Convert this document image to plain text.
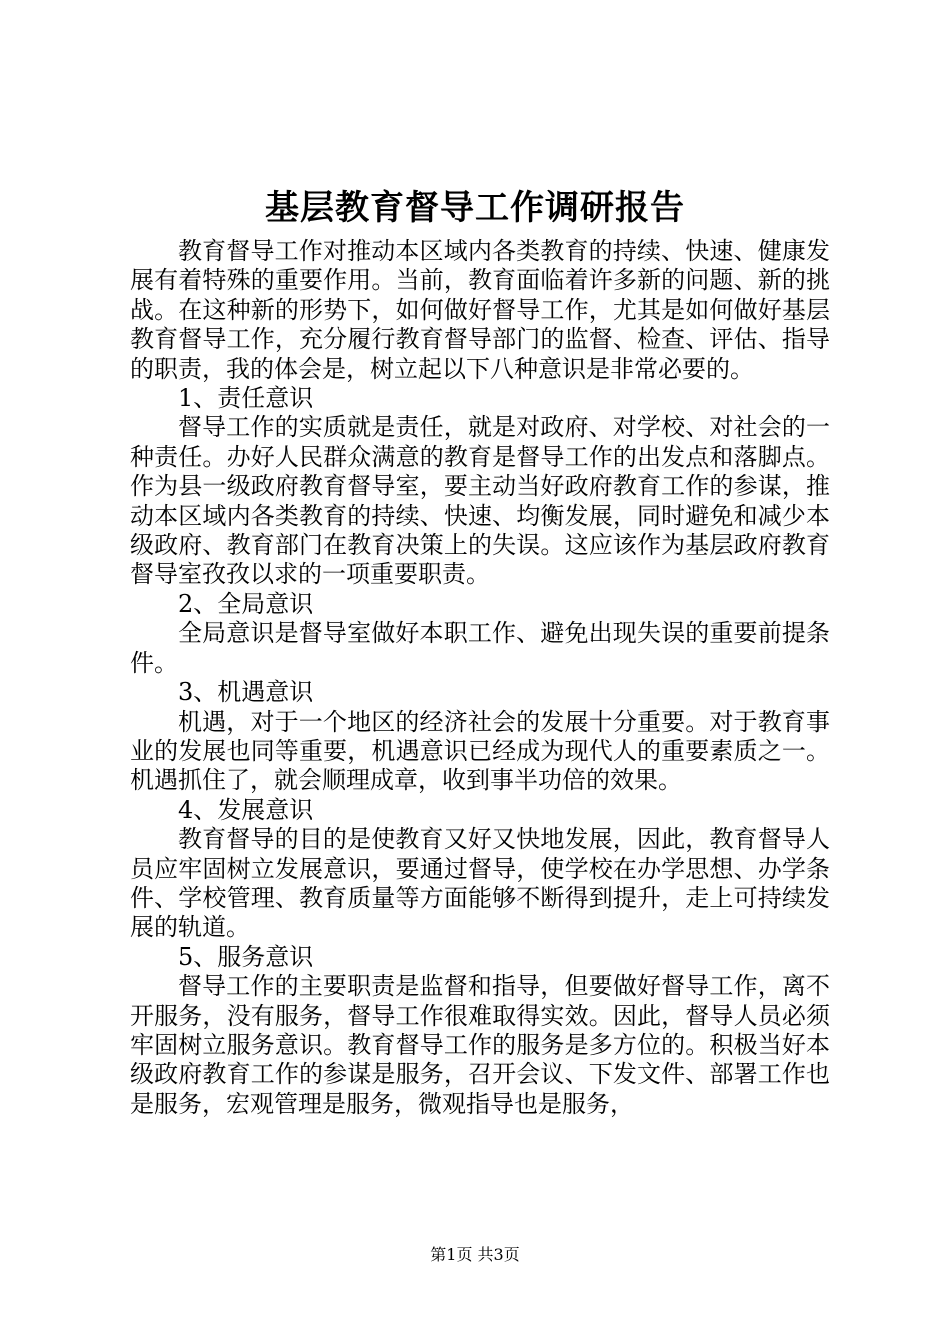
基层教育督导工作调研报告

教育督导工作对推动本区域内各类教育的持续、快速、健康发展有着特殊的重要作用。当前，教育面临着许多新的问题、新的挑战。在这种新的形势下，如何做好督导工作，尤其是如何做好基层教育督导工作，充分履行教育督导部门的监督、检查、评估、指导的职责，我的体会是，树立起以下八种意识是非常必要的。

1、责任意识

督导工作的实质就是责任，就是对政府、对学校、对社会的一种责任。办好人民群众满意的教育是督导工作的出发点和落脚点。作为县一级政府教育督导室，要主动当好政府教育工作的参谋，推动本区域内各类教育的持续、快速、均衡发展，同时避免和减少本级政府、教育部门在教育决策上的失误。这应该作为基层政府教育督导室孜孜以求的一项重要职责。

2、全局意识

全局意识是督导室做好本职工作、避免出现失误的重要前提条件。

3、机遇意识

机遇，对于一个地区的经济社会的发展十分重要。对于教育事业的发展也同等重要，机遇意识已经成为现代人的重要素质之一。机遇抓住了，就会顺理成章，收到事半功倍的效果。

4、发展意识

教育督导的目的是使教育又好又快地发展，因此，教育督导人员应牢固树立发展意识，要通过督导，使学校在办学思想、办学条件、学校管理、教育质量等方面能够不断得到提升，走上可持续发展的轨道。

5、服务意识

督导工作的主要职责是监督和指导，但要做好督导工作，离不开服务，没有服务，督导工作很难取得实效。因此，督导人员必须牢固树立服务意识。教育督导工作的服务是多方位的。积极当好本级政府教育工作的参谋是服务，召开会议、下发文件、部署工作也是服务，宏观管理是服务，微观指导也是服务，

第1页 共3页
